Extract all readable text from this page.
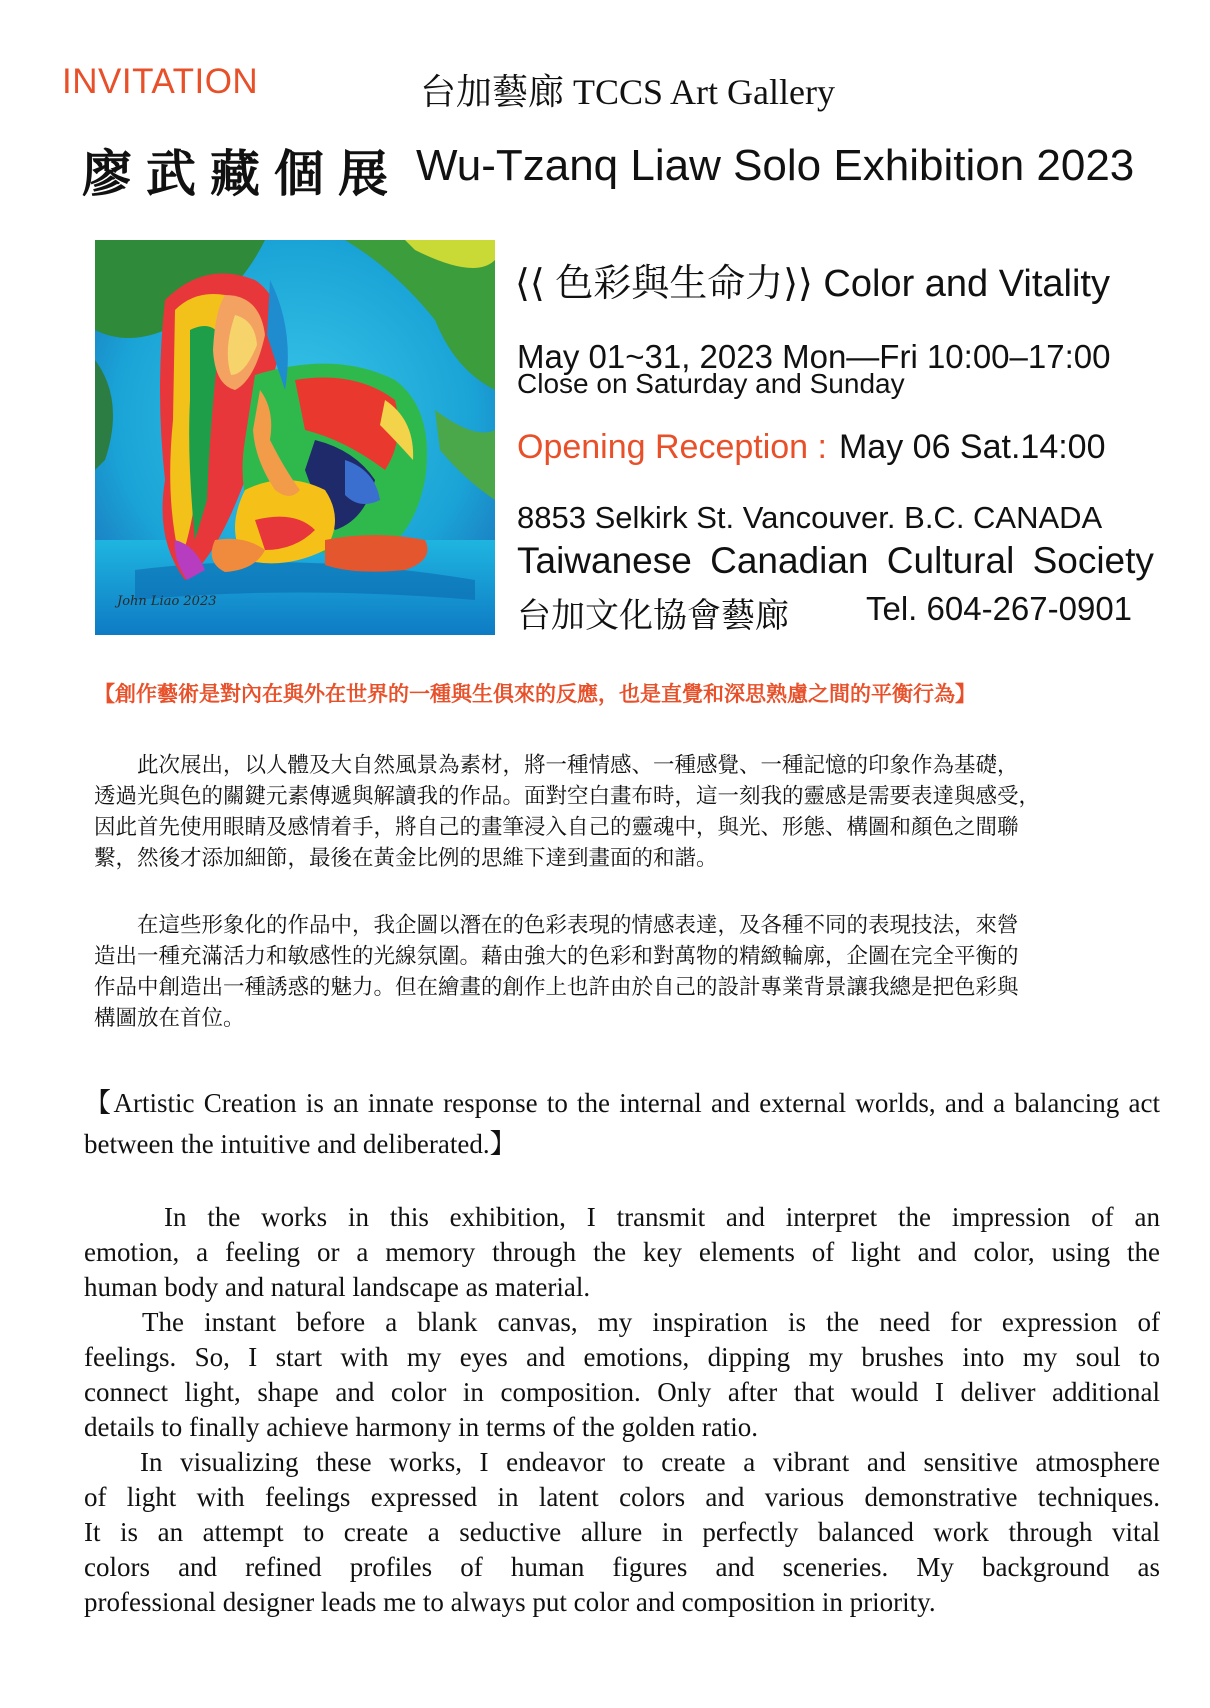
INVITATION	台加藝廊 TCCS Art Gallery
廖武藏個展 Wu-Tzanq Liaw Solo Exhibition 2023
John Liao 2023
⟨⟨ 色彩與生命力⟩⟩ Color and Vitality
May 01~31, 2023 Mon—Fri 10:00–17:00
Close on Saturday and Sunday
Opening Reception : May 06 Sat.14:00
8853 Selkirk St. Vancouver. B.C. CANADA
Taiwanese Canadian Cultural Society
台加文化協會藝廊 Tel. 604-267-0901
【創作藝術是對內在與外在世界的一種與生俱來的反應，也是直覺和深思熟慮之間的平衡行為】
　　此次展出，以人體及大自然風景為素材，將一種情感、一種感覺、一種記憶的印象作為基礎，
透過光與色的關鍵元素傳遞與解讀我的作品。面對空白畫布時，這一刻我的靈感是需要表達與感受，
因此首先使用眼睛及感情着手，將自己的畫筆浸入自己的靈魂中，與光、形態、構圖和顏色之間聯
繫，然後才添加細節，最後在黃金比例的思維下達到畫面的和諧。
　　在這些形象化的作品中，我企圖以潛在的色彩表現的情感表達，及各種不同的表現技法，來營
造出一種充滿活力和敏感性的光線氛圍。藉由強大的色彩和對萬物的精緻輪廓，企圖在完全平衡的
作品中創造出一種誘惑的魅力。但在繪畫的創作上也許由於自己的設計專業背景讓我總是把色彩與
構圖放在首位。
【Artistic Creation is an innate response to the internal and external worlds, and a balancing act between the intuitive and deliberated.】
In the works in this exhibition, I transmit and interpret the impression of an
emotion, a feeling or a memory through the key elements of light and color, using the
human body and natural landscape as material.
The instant before a blank canvas, my inspiration is the need for expression of
feelings. So, I start with my eyes and emotions, dipping my brushes into my soul to
connect light, shape and color in composition. Only after that would I deliver additional
details to finally achieve harmony in terms of the golden ratio.
In visualizing these works, I endeavor to create a vibrant and sensitive atmosphere
of light with feelings expressed in latent colors and various demonstrative techniques.
It is an attempt to create a seductive allure in perfectly balanced work through vital
colors and refined profiles of human figures and sceneries. My background as
professional designer leads me to always put color and composition in priority.
